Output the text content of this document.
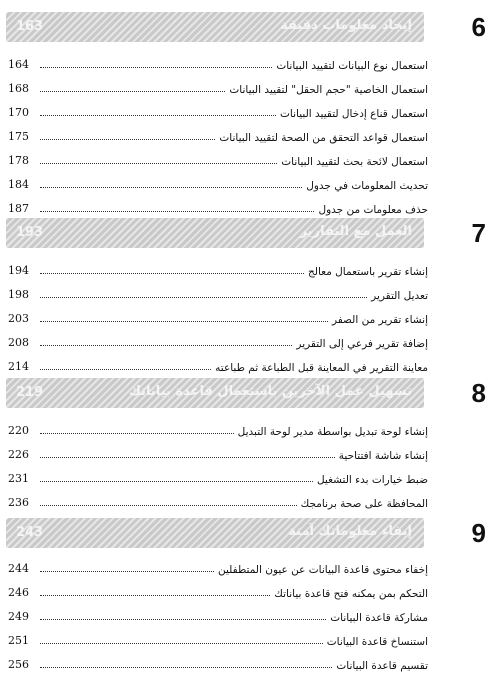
6
163	إيجاد معلومات دقيقة
164	استعمال نوع البيانات لتقييد البيانات
168	استعمال الخاصية "حجم الحقل" لتقييد البيانات
170	استعمال قناع إدخال لتقييد البيانات
175	استعمال قواعد التحقق من الصحة لتقييد البيانات
178	استعمال لائحة بحث لتقييد البيانات
184	تحديث المعلومات في جدول
187	حذف معلومات من جدول
7
193	العمل مع التقارير
194	إنشاء تقرير باستعمال معالج
198	تعديل التقرير
203	إنشاء تقرير من الصفر
208	إضافة تقرير فرعي إلى التقرير
214	معاينة التقرير في المعاينة قبل الطباعة ثم طباعته
8
219	تسهيل عمل الآخرين باستعمال قاعدة بياناتك
220	إنشاء لوحة تبديل بواسطة مدير لوحة التبديل
226	إنشاء شاشة افتتاحية
231	ضبط خيارات بدء التشغيل
236	المحافظة على صحة برنامجك
9
243	إبقاء معلوماتك آمنة
244	إخفاء محتوى قاعدة البيانات عن عيون المتطفلين
246	التحكم بمن يمكنه فتح قاعدة بياناتك
249	مشاركة قاعدة البيانات
251	استنساخ قاعدة البيانات
256	تقسيم قاعدة البيانات
